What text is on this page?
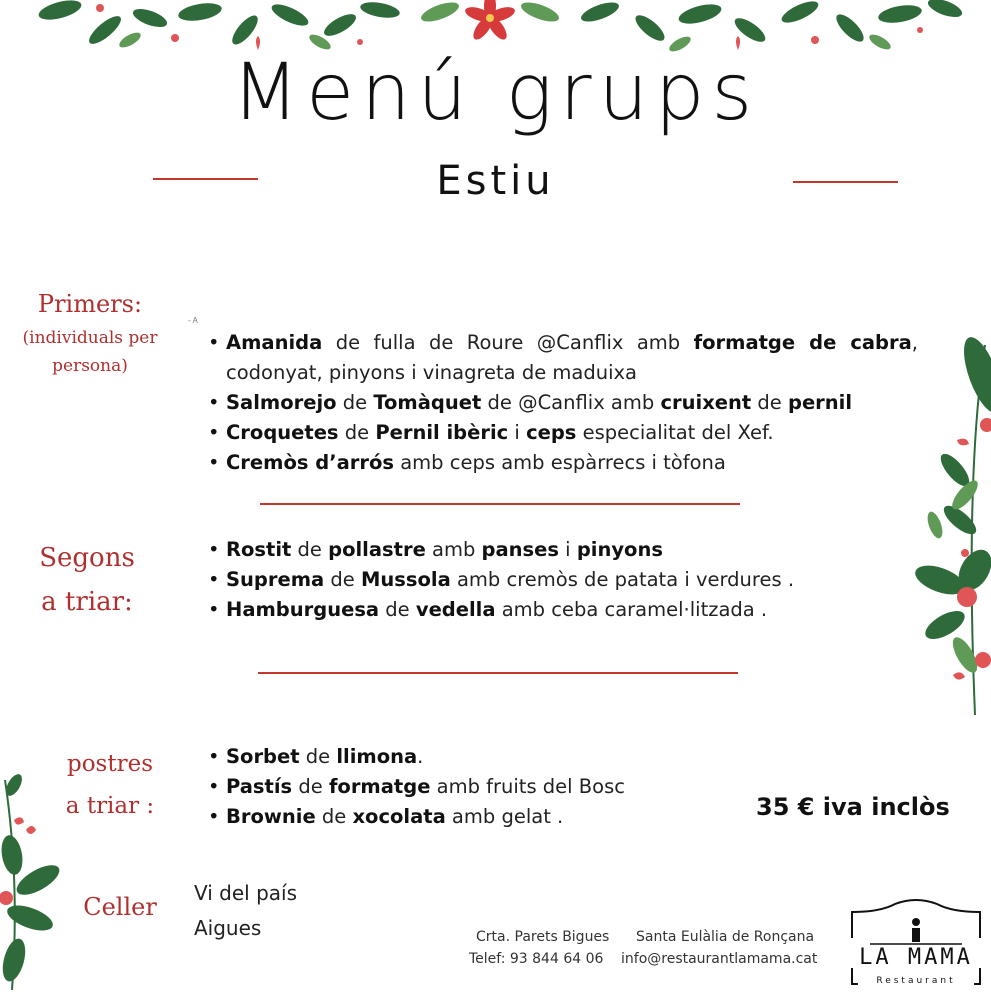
Menú grups
Estiu
Primers:
(individuals per
persona)
- A
• Amanida de fulla de Roure @Canflix amb formatge de cabra, codonyat, pinyons i vinagreta de maduixa
• Salmorejo de Tomàquet de @Canflix amb cruixent de pernil
• Croquetes de Pernil ibèric i ceps especialitat del Xef.
• Cremòs d’arrós amb ceps amb espàrrecs i tòfona
Segons
a triar:
• Rostit de pollastre amb panses i pinyons
• Suprema de Mussola amb cremòs de patata i verdures .
• Hamburguesa de vedella amb ceba caramel·litzada .
postres
a triar :
• Sorbet de llimona.
• Pastís de formatge amb fruits del Bosc
• Brownie de xocolata amb gelat .	35 € iva inclòs
Celler	Vi del país
Aigues	Crta. Parets Bigues Santa Eulàlia de Ronçana
Telef: 93 844 64 06 info@restaurantlamama.cat	LA MAMA
Restaurant
